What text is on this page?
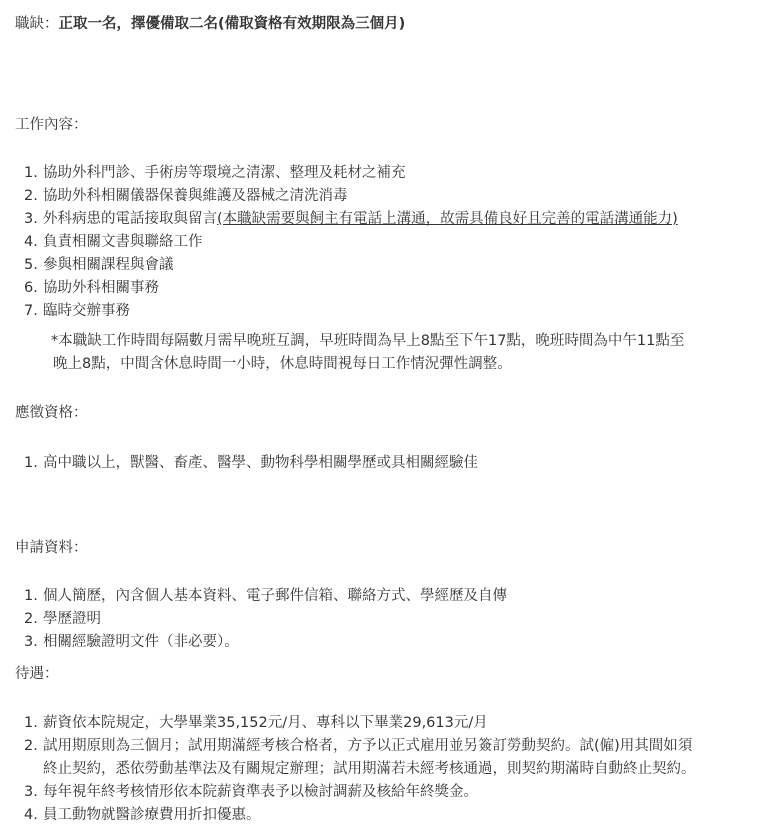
職缺：正取一名，擇優備取二名(備取資格有效期限為三個月)
工作內容：
1. 協助外科門診、手術房等環境之清潔、整理及耗材之補充
2. 協助外科相關儀器保養與維護及器械之清洗消毒
3. 外科病患的電話接取與留言(本職缺需要與飼主有電話上溝通，故需具備良好且完善的電話溝通能力)
4. 負責相關文書與聯絡工作
5. 參與相關課程與會議
6. 協助外科相關事務
7. 臨時交辦事務
*本職缺工作時間每隔數月需早晚班互調，早班時間為早上8點至下午17點，晚班時間為中午11點至
晚上8點，中間含休息時間一小時，休息時間視每日工作情況彈性調整。
應徵資格：
1. 高中職以上，獸醫、畜產、醫學、動物科學相關學歷或具相關經驗佳
申請資料：
1. 個人簡歷，內含個人基本資料、電子郵件信箱、聯絡方式、學經歷及自傳
2. 學歷證明
3. 相關經驗證明文件（非必要）。
待遇：
1. 薪資依本院規定，大學畢業35,152元/月、專科以下畢業29,613元/月
2. 試用期原則為三個月；試用期滿經考核合格者，方予以正式雇用並另簽訂勞動契約。試(僱)用其間如須
終止契約，悉依勞動基準法及有關規定辦理；試用期滿若未經考核通過，則契約期滿時自動終止契約。
3. 每年視年終考核情形依本院薪資準表予以檢討調薪及核給年終獎金。
4. 員工動物就醫診療費用折扣優惠。
